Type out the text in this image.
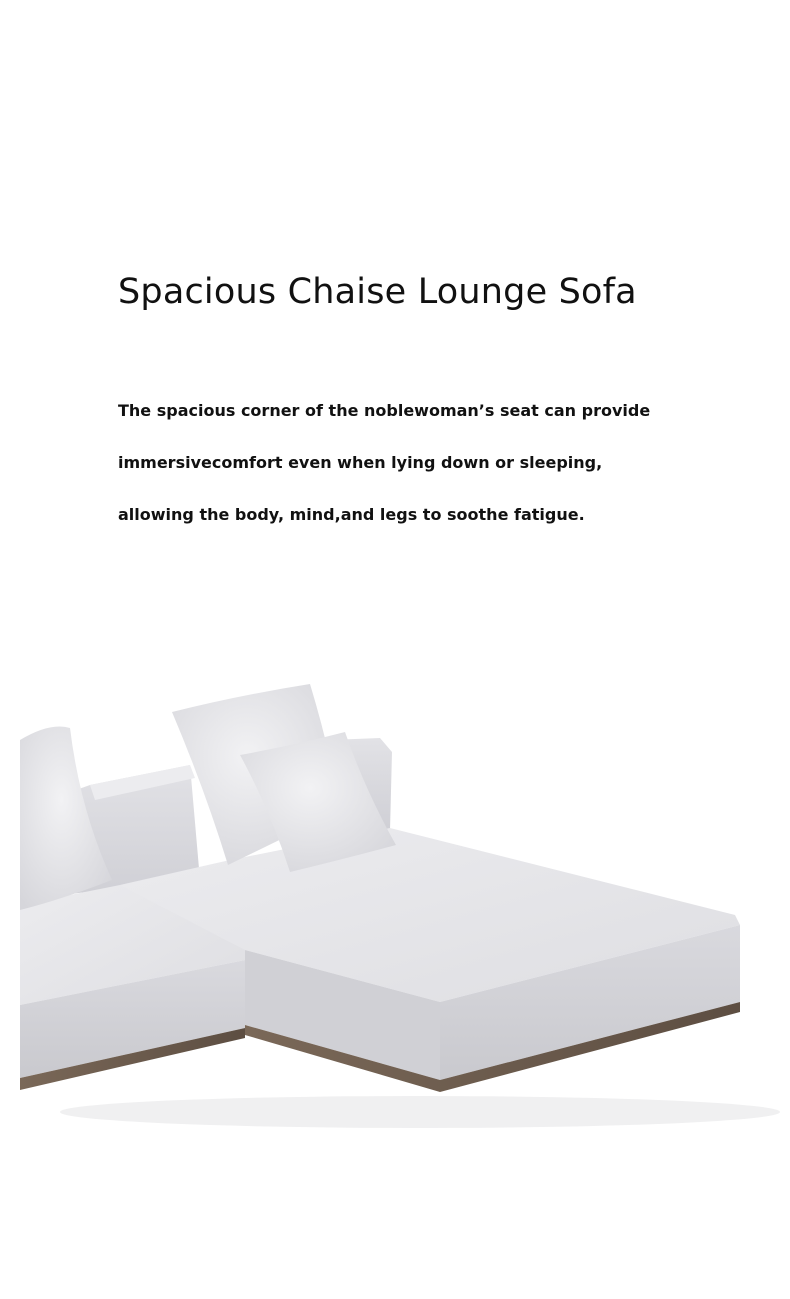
Spacious Chaise Lounge Sofa
The spacious corner of the noblewoman’s seat can provide
immersivecomfort even when lying down or sleeping,
allowing the body, mind,and legs to soothe fatigue.
